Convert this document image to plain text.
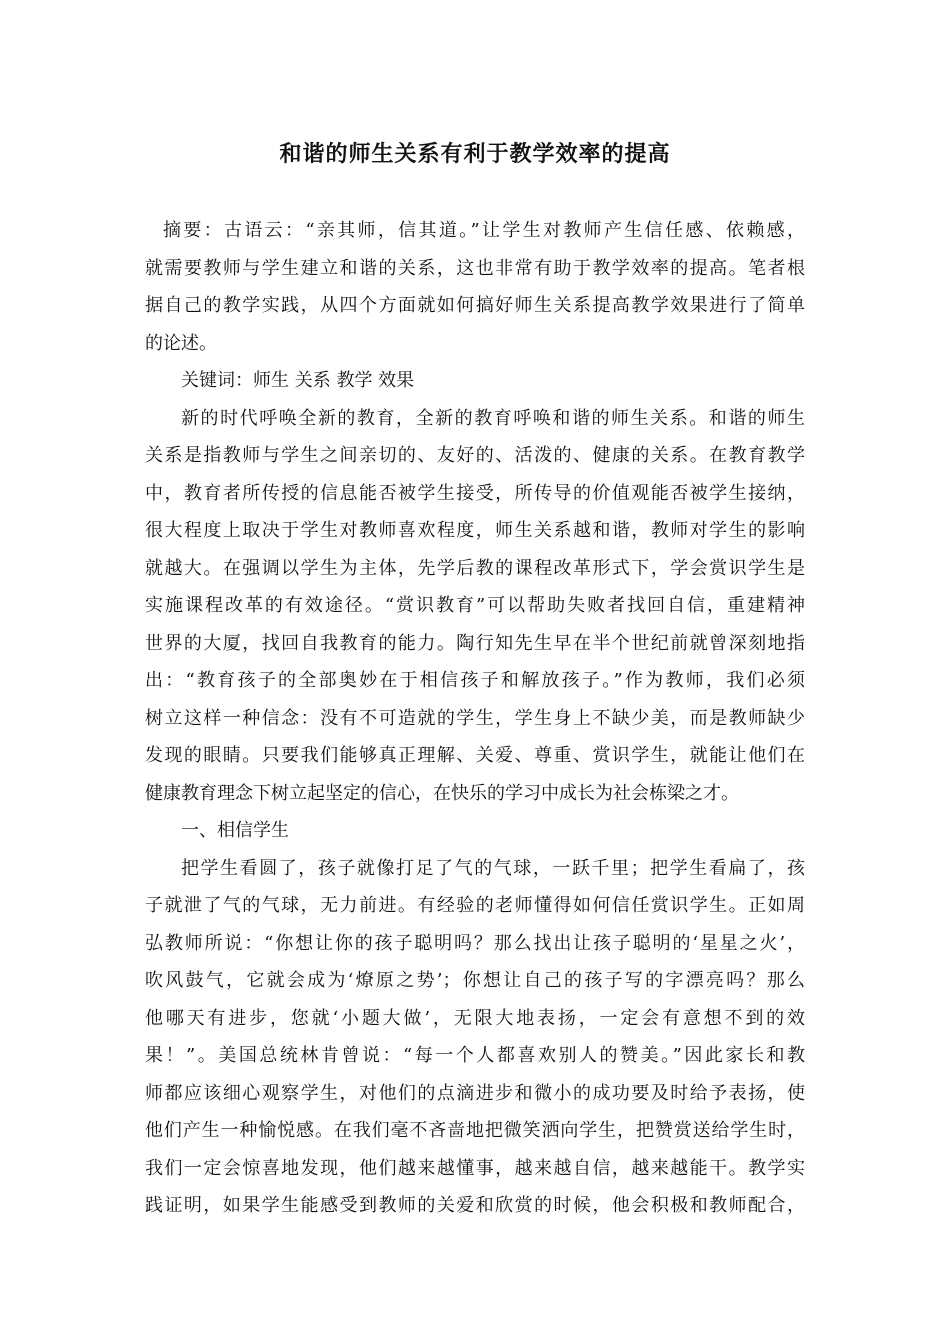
和谐的师生关系有利于教学效率的提高
摘要：古语云：“亲其师，信其道。”让学生对教师产生信任感、依赖感，
就需要教师与学生建立和谐的关系，这也非常有助于教学效率的提高。笔者根
据自己的教学实践，从四个方面就如何搞好师生关系提高教学效果进行了简单
的论述。
关键词：师生 关系 教学 效果
新的时代呼唤全新的教育，全新的教育呼唤和谐的师生关系。和谐的师生
关系是指教师与学生之间亲切的、友好的、活泼的、健康的关系。在教育教学
中，教育者所传授的信息能否被学生接受，所传导的价值观能否被学生接纳，
很大程度上取决于学生对教师喜欢程度，师生关系越和谐，教师对学生的影响
就越大。在强调以学生为主体，先学后教的课程改革形式下，学会赏识学生是
实施课程改革的有效途径。“赏识教育”可以帮助失败者找回自信，重建精神
世界的大厦，找回自我教育的能力。陶行知先生早在半个世纪前就曾深刻地指
出：“教育孩子的全部奥妙在于相信孩子和解放孩子。”作为教师，我们必须
树立这样一种信念：没有不可造就的学生，学生身上不缺少美，而是教师缺少
发现的眼睛。只要我们能够真正理解、关爱、尊重、赏识学生，就能让他们在
健康教育理念下树立起坚定的信心，在快乐的学习中成长为社会栋梁之才。
一、相信学生
把学生看圆了，孩子就像打足了气的气球，一跃千里；把学生看扁了，孩
子就泄了气的气球，无力前进。有经验的老师懂得如何信任赏识学生。正如周
弘教师所说：“你想让你的孩子聪明吗？那么找出让孩子聪明的‘星星之火’，
吹风鼓气，它就会成为‘燎原之势’；你想让自己的孩子写的字漂亮吗？那么
他哪天有进步，您就‘小题大做’，无限大地表扬，一定会有意想不到的效
果！”。美国总统林肯曾说：“每一个人都喜欢别人的赞美。”因此家长和教
师都应该细心观察学生，对他们的点滴进步和微小的成功要及时给予表扬，使
他们产生一种愉悦感。在我们毫不吝啬地把微笑洒向学生，把赞赏送给学生时，
我们一定会惊喜地发现，他们越来越懂事，越来越自信，越来越能干。教学实
践证明，如果学生能感受到教师的关爱和欣赏的时候，他会积极和教师配合，
